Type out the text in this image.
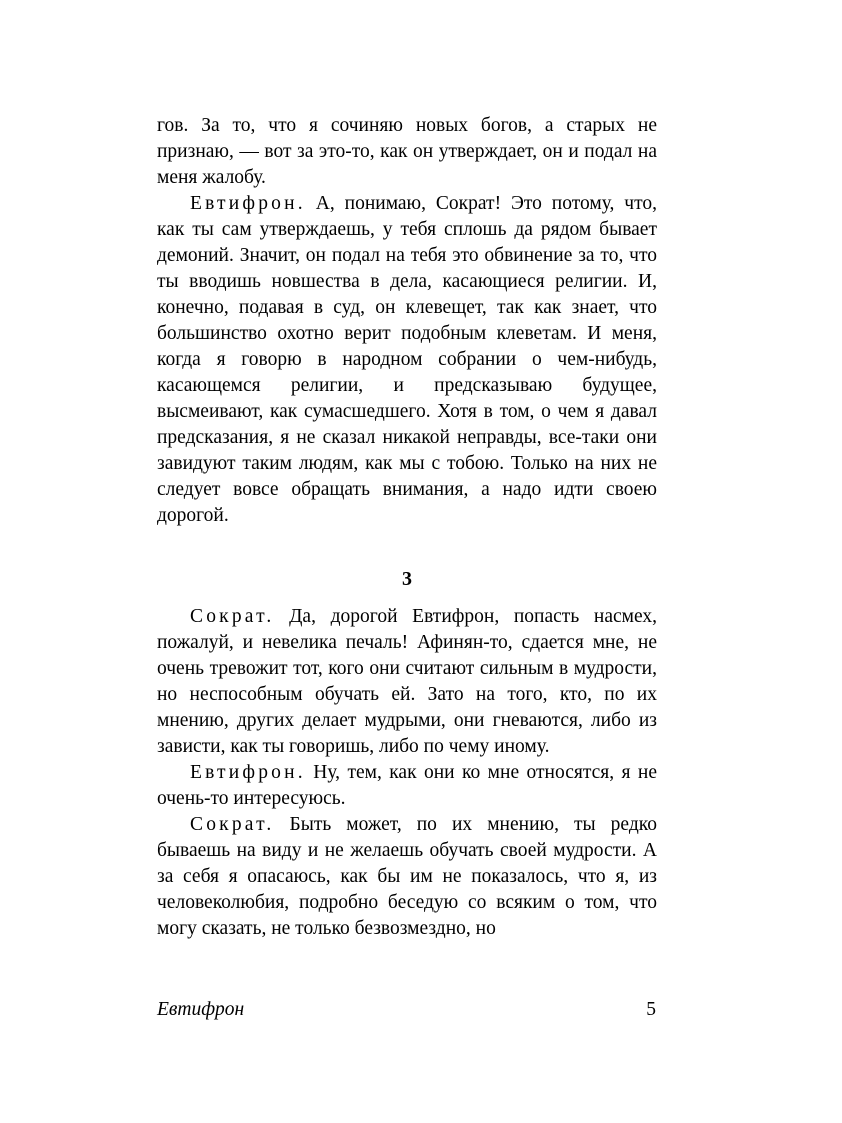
гов. За то, что я сочиняю новых богов, а старых не признаю, — вот за это-то, как он утверждает, он и подал на меня жалобу.

Евтифрон. А, понимаю, Сократ! Это потому, что, как ты сам утверждаешь, у тебя сплошь да рядом бывает демоний. Значит, он подал на тебя это обвинение за то, что ты вводишь новшества в дела, касающиеся религии. И, конечно, подавая в суд, он клевещет, так как знает, что большинство охотно верит подобным клеветам. И меня, когда я говорю в народном собрании о чем-нибудь, касающемся религии, и предсказываю будущее, высмеивают, как сумасшедшего. Хотя в том, о чем я давал предсказания, я не сказал никакой неправды, все-таки они завидуют таким людям, как мы с тобою. Только на них не следует вовсе обращать внимания, а надо идти своею дорогой.

3

Сократ. Да, дорогой Евтифрон, попасть насмех, пожалуй, и невелика печаль! Афинян-то, сдается мне, не очень тревожит тот, кого они считают сильным в мудрости, но неспособным обучать ей. Зато на того, кто, по их мнению, других делает мудрыми, они гневаются, либо из зависти, как ты говоришь, либо по чему иному.

Евтифрон. Ну, тем, как они ко мне относятся, я не очень-то интересуюсь.

Сократ. Быть может, по их мнению, ты редко бываешь на виду и не желаешь обучать своей мудрости. А за себя я опасаюсь, как бы им не показалось, что я, из человеколюбия, подробно беседую со всяким о том, что могу сказать, не только безвозмездно, но

Евтифрон	5
